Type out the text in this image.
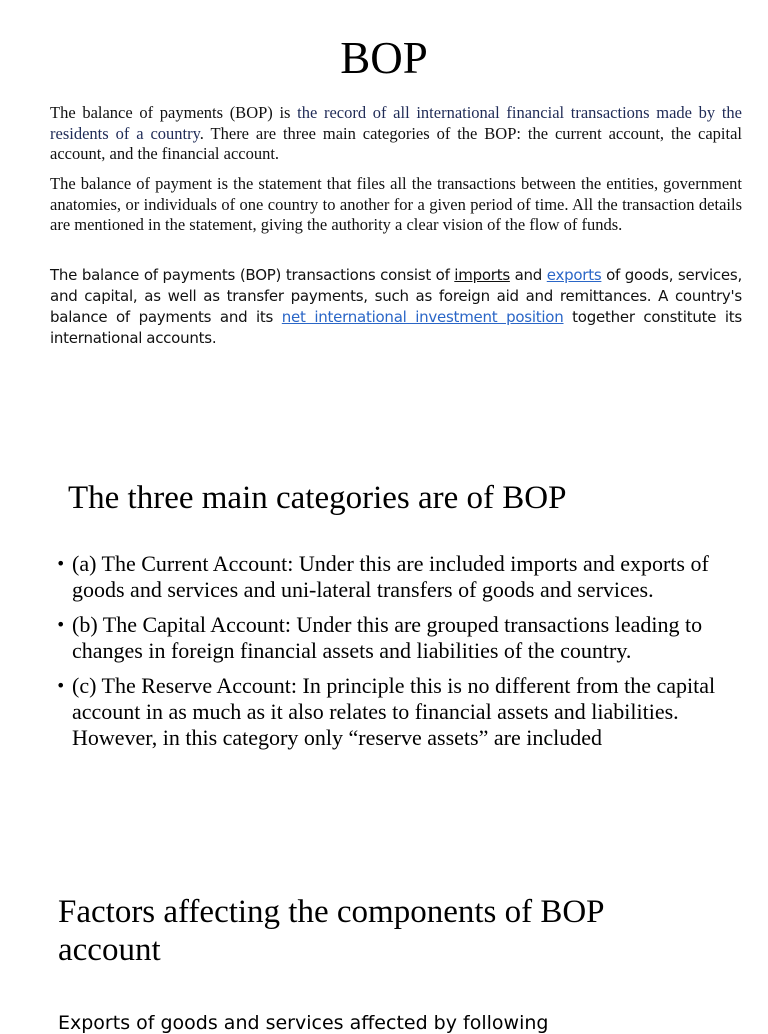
BOP

The balance of payments (BOP) is the record of all international financial transactions made by the residents of a country. There are three main categories of the BOP: the current account, the capital account, and the financial account.

The balance of payment is the statement that files all the transactions between the entities, government anatomies, or individuals of one country to another for a given period of time. All the transaction details are mentioned in the statement, giving the authority a clear vision of the flow of funds.

The balance of payments (BOP) transactions consist of imports and exports of goods, services, and capital, as well as transfer payments, such as foreign aid and remittances. A country's balance of payments and its net international investment position together constitute its international accounts.

The three main categories are of BOP
• (a) The Current Account: Under this are included imports and exports of goods and services and uni-lateral transfers of goods and services.
• (b) The Capital Account: Under this are grouped transactions leading to changes in foreign financial assets and liabilities of the country.
• (c) The Reserve Account: In principle this is no different from the capital account in as much as it also relates to financial assets and liabilities. However, in this category only “reserve assets” are included
Factors affecting the components of BOP account
Exports of goods and services affected by following
